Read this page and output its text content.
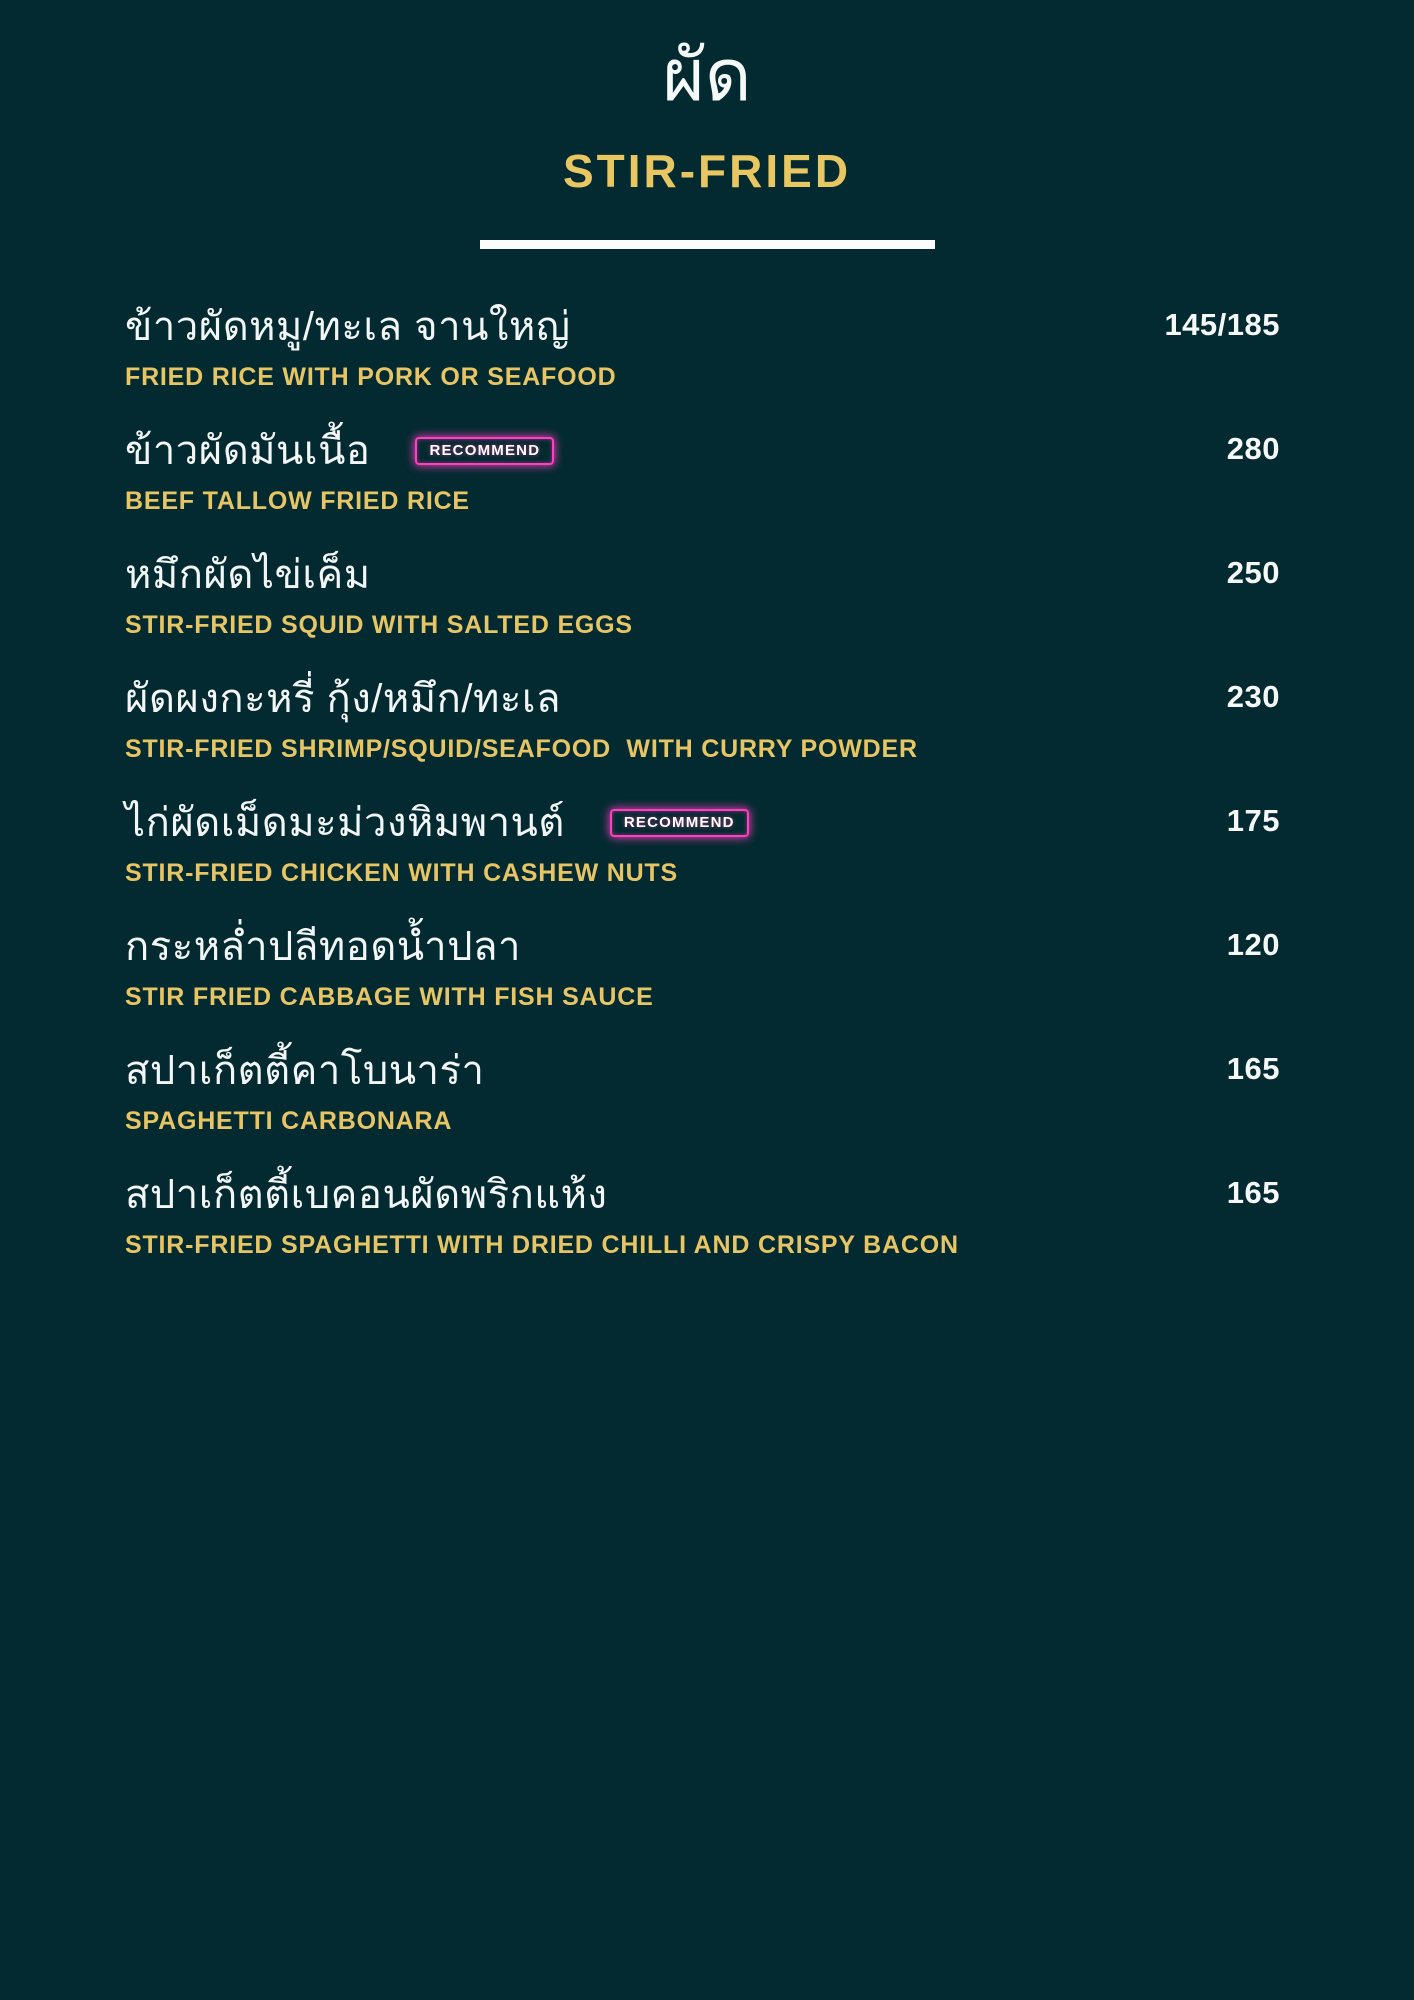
ผัด
STIR-FRIED
ข้าวผัดหมู/ทะเล จานใหญ่
FRIED RICE WITH PORK OR SEAFOOD
145/185
ข้าวผัดมันเนื้อ	RECOMMEND
BEEF TALLOW FRIED RICE
280
หมึกผัดไข่เค็ม
STIR-FRIED SQUID WITH SALTED EGGS
250
ผัดผงกะหรี่ กุ้ง/หมึก/ทะเล
STIR-FRIED SHRIMP/SQUID/SEAFOOD  WITH CURRY POWDER
230
ไก่ผัดเม็ดมะม่วงหิมพานต์	RECOMMEND
STIR-FRIED CHICKEN WITH CASHEW NUTS
175
กระหล่ำปลีทอดน้ำปลา
STIR FRIED CABBAGE WITH FISH SAUCE
120
สปาเก็ตตี้คาโบนาร่า
SPAGHETTI CARBONARA
165
สปาเก็ตตี้เบคอนผัดพริกแห้ง
STIR-FRIED SPAGHETTI WITH DRIED CHILLI AND CRISPY BACON
165
